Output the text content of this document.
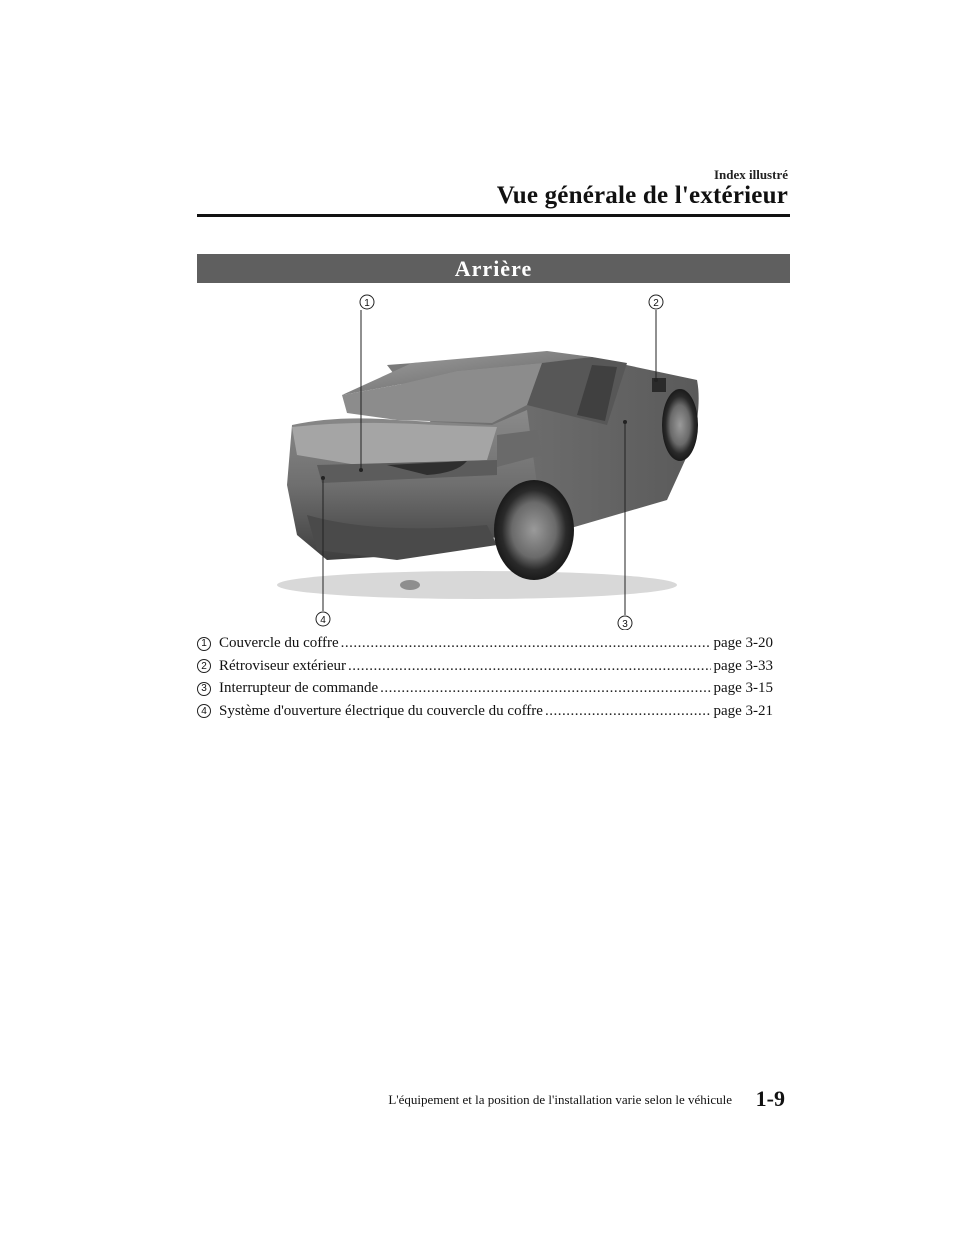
Index illustré
Vue générale de l'extérieur
Arrière
1	2
3
4
1 Couvercle du coffre .....	page 3-20
2 Rétroviseur extérieur .....	page 3-33
3 Interrupteur de commande .....	page 3-15
4 Système d'ouverture électrique du couvercle du coffre .....	page 3-21
L'équipement et la position de l'installation varie selon le véhicule 1-9
